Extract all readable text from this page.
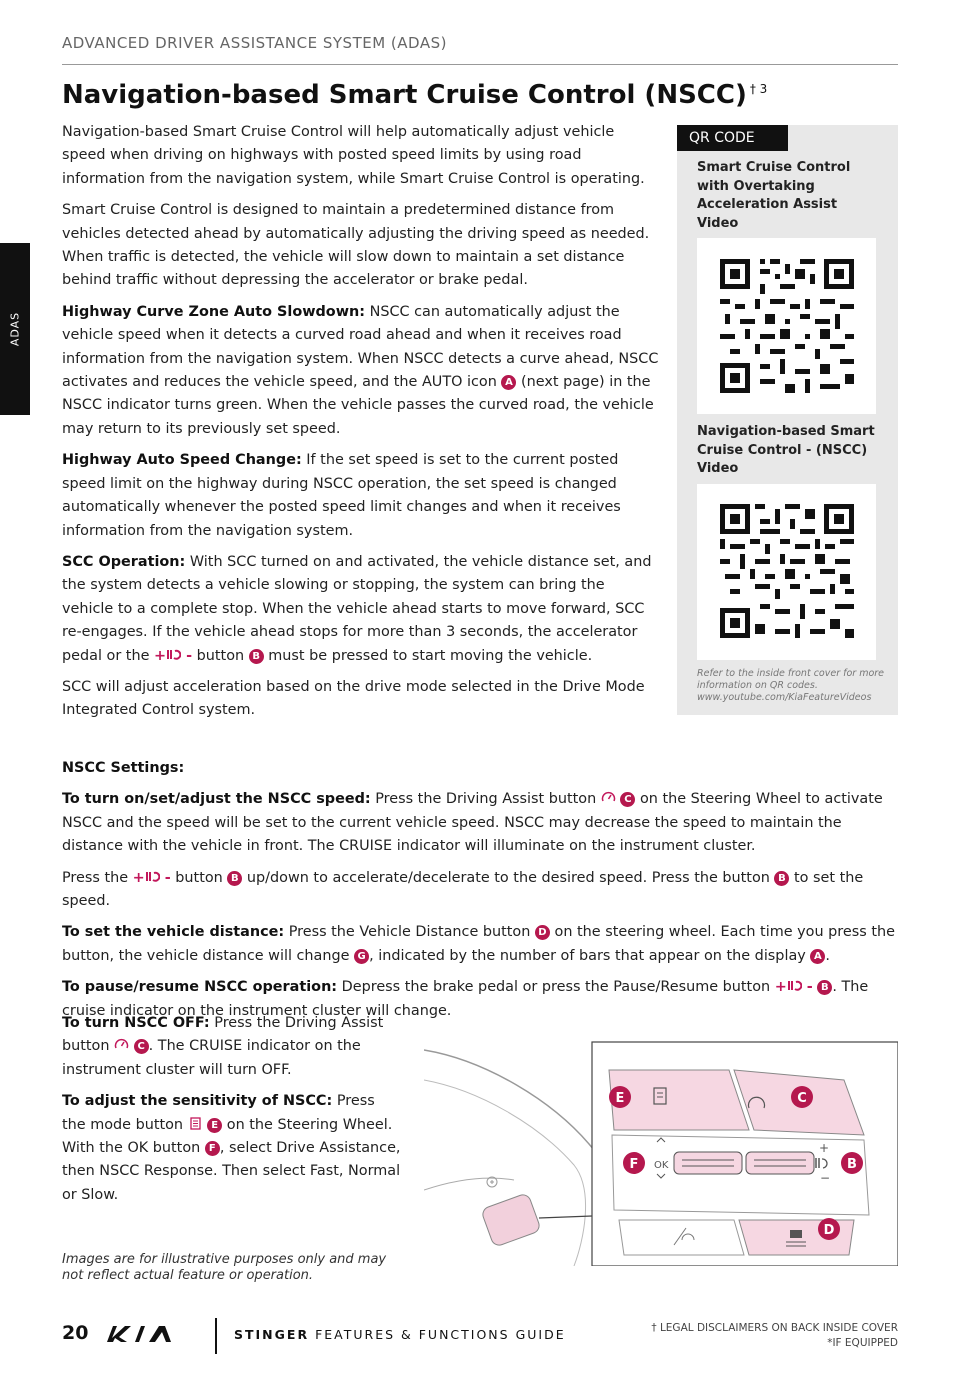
ADVANCED DRIVER ASSISTANCE SYSTEM (ADAS)
ADAS
Navigation-based Smart Cruise Control (NSCC) $^{\dagger 3}$

Navigation-based Smart Cruise Control will help automatically adjust vehicle speed when driving on highways with posted speed limits by using road information from the navigation system, while Smart Cruise Control is operating.

Smart Cruise Control is designed to maintain a predetermined distance from vehicles detected ahead by automatically adjusting the driving speed as needed. When traffic is detected, the vehicle will slow down to maintain a set distance behind traffic without depressing the accelerator or brake pedal.

Highway Curve Zone Auto Slowdown: NSCC can automatically adjust the vehicle speed when it detects a curved road ahead and when it receives road information from the navigation system. When NSCC detects a curve ahead, NSCC activates and reduces the vehicle speed, and the AUTO icon A (next page) in the NSCC indicator turns green. When the vehicle passes the curved road, the vehicle may return to its previously set speed.

Highway Auto Speed Change: If the set speed is set to the current posted speed limit on the highway during NSCC operation, the set speed is changed automatically whenever the posted speed limit changes and when it receives information from the navigation system.

SCC Operation: With SCC turned on and activated, the vehicle distance set, and the system detects a vehicle slowing or stopping, the system can bring the vehicle to a complete stop. When the vehicle ahead starts to move forward, SCC re-engages. If the vehicle ahead stops for more than 3 seconds, the accelerator pedal or the + - button B must be pressed to start moving the vehicle.

SCC will adjust acceleration based on the drive mode selected in the Drive Mode Integrated Control system.

QR CODE
Smart Cruise Control with Overtaking Acceleration Assist Video
Navigation-based Smart Cruise Control - (NSCC) Video
Refer to the inside front cover for more information on QR codes. www.youtube.com/KiaFeatureVideos

NSCC Settings:

To turn on/set/adjust the NSCC speed: Press the Driving Assist button	C on the Steering Wheel to activate NSCC and the speed will be set to the current vehicle speed. NSCC may decrease the speed to maintain the distance with the vehicle in front. The CRUISE indicator will illuminate on the instrument cluster.

Press the + - button B up/down to accelerate/decelerate to the desired speed. Press the button B to set the speed.

To set the vehicle distance: Press the Vehicle Distance button D on the steering wheel. Each time you press the button, the vehicle distance will change G , indicated by the number of bars that appear on the display A .

To pause/resume NSCC operation: Depress the brake pedal or press the Pause/Resume button + - B . The cruise indicator on the instrument cluster will change.

To turn NSCC OFF: Press the Driving Assist button	C . The CRUISE indicator on the instrument cluster will turn OFF.

To adjust the sensitivity of NSCC: Press the mode button	E on the Steering Wheel. With the OK button F , select Drive Assistance, then NSCC Response. Then select Fast, Normal or Slow.

OK
+
−
E	C
F	B
D
Images are for illustrative purposes only and may not reflect actual feature or operation.
20	STINGER FEATURES & FUNCTIONS GUIDE	† LEGAL DISCLAIMERS ON BACK INSIDE COVER
*IF EQUIPPED
